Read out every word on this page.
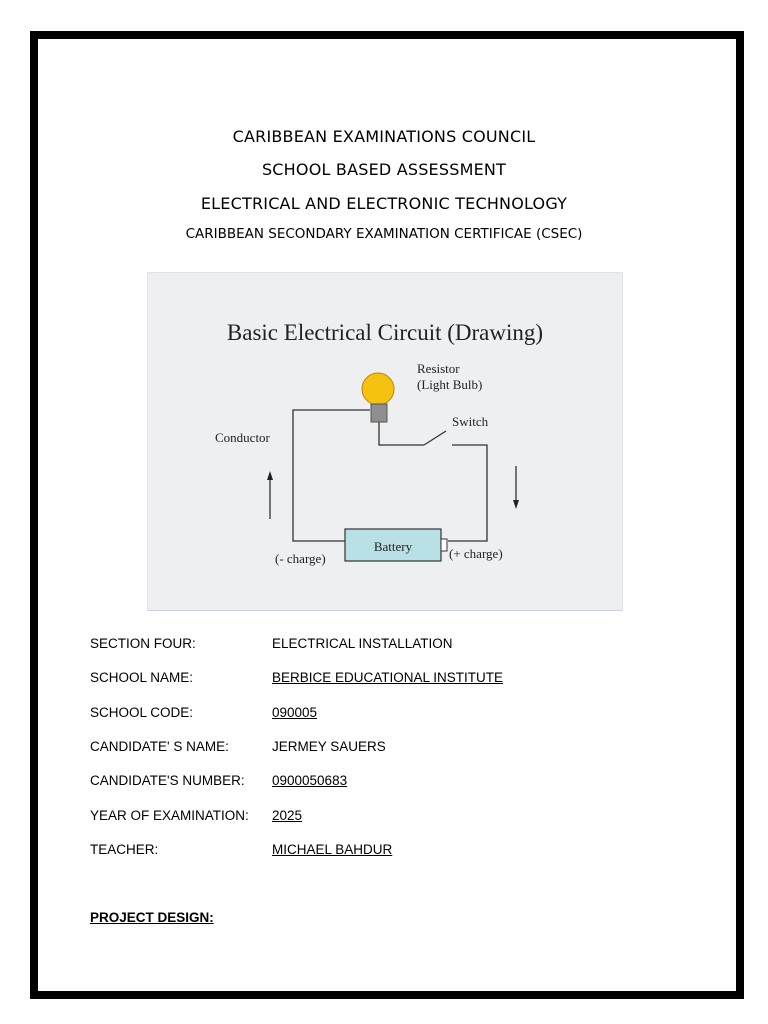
CARIBBEAN EXAMINATIONS COUNCIL
SCHOOL BASED ASSESSMENT
ELECTRICAL AND ELECTRONIC TECHNOLOGY
CARIBBEAN SECONDARY EXAMINATION CERTIFICAE (CSEC)
Basic Electrical Circuit (Drawing)
Battery
Resistor
(Light Bulb)
Switch
Conductor
(- charge)	(+ charge)
SECTION FOUR:	ELECTRICAL INSTALLATION
SCHOOL NAME:	BERBICE EDUCATIONAL INSTITUTE
SCHOOL CODE:	090005
CANDIDATE' S NAME:	JERMEY SAUERS
CANDIDATE'S NUMBER: 0900050683
YEAR OF EXAMINATION: 2025
TEACHER:	MICHAEL BAHDUR
PROJECT DESIGN:
